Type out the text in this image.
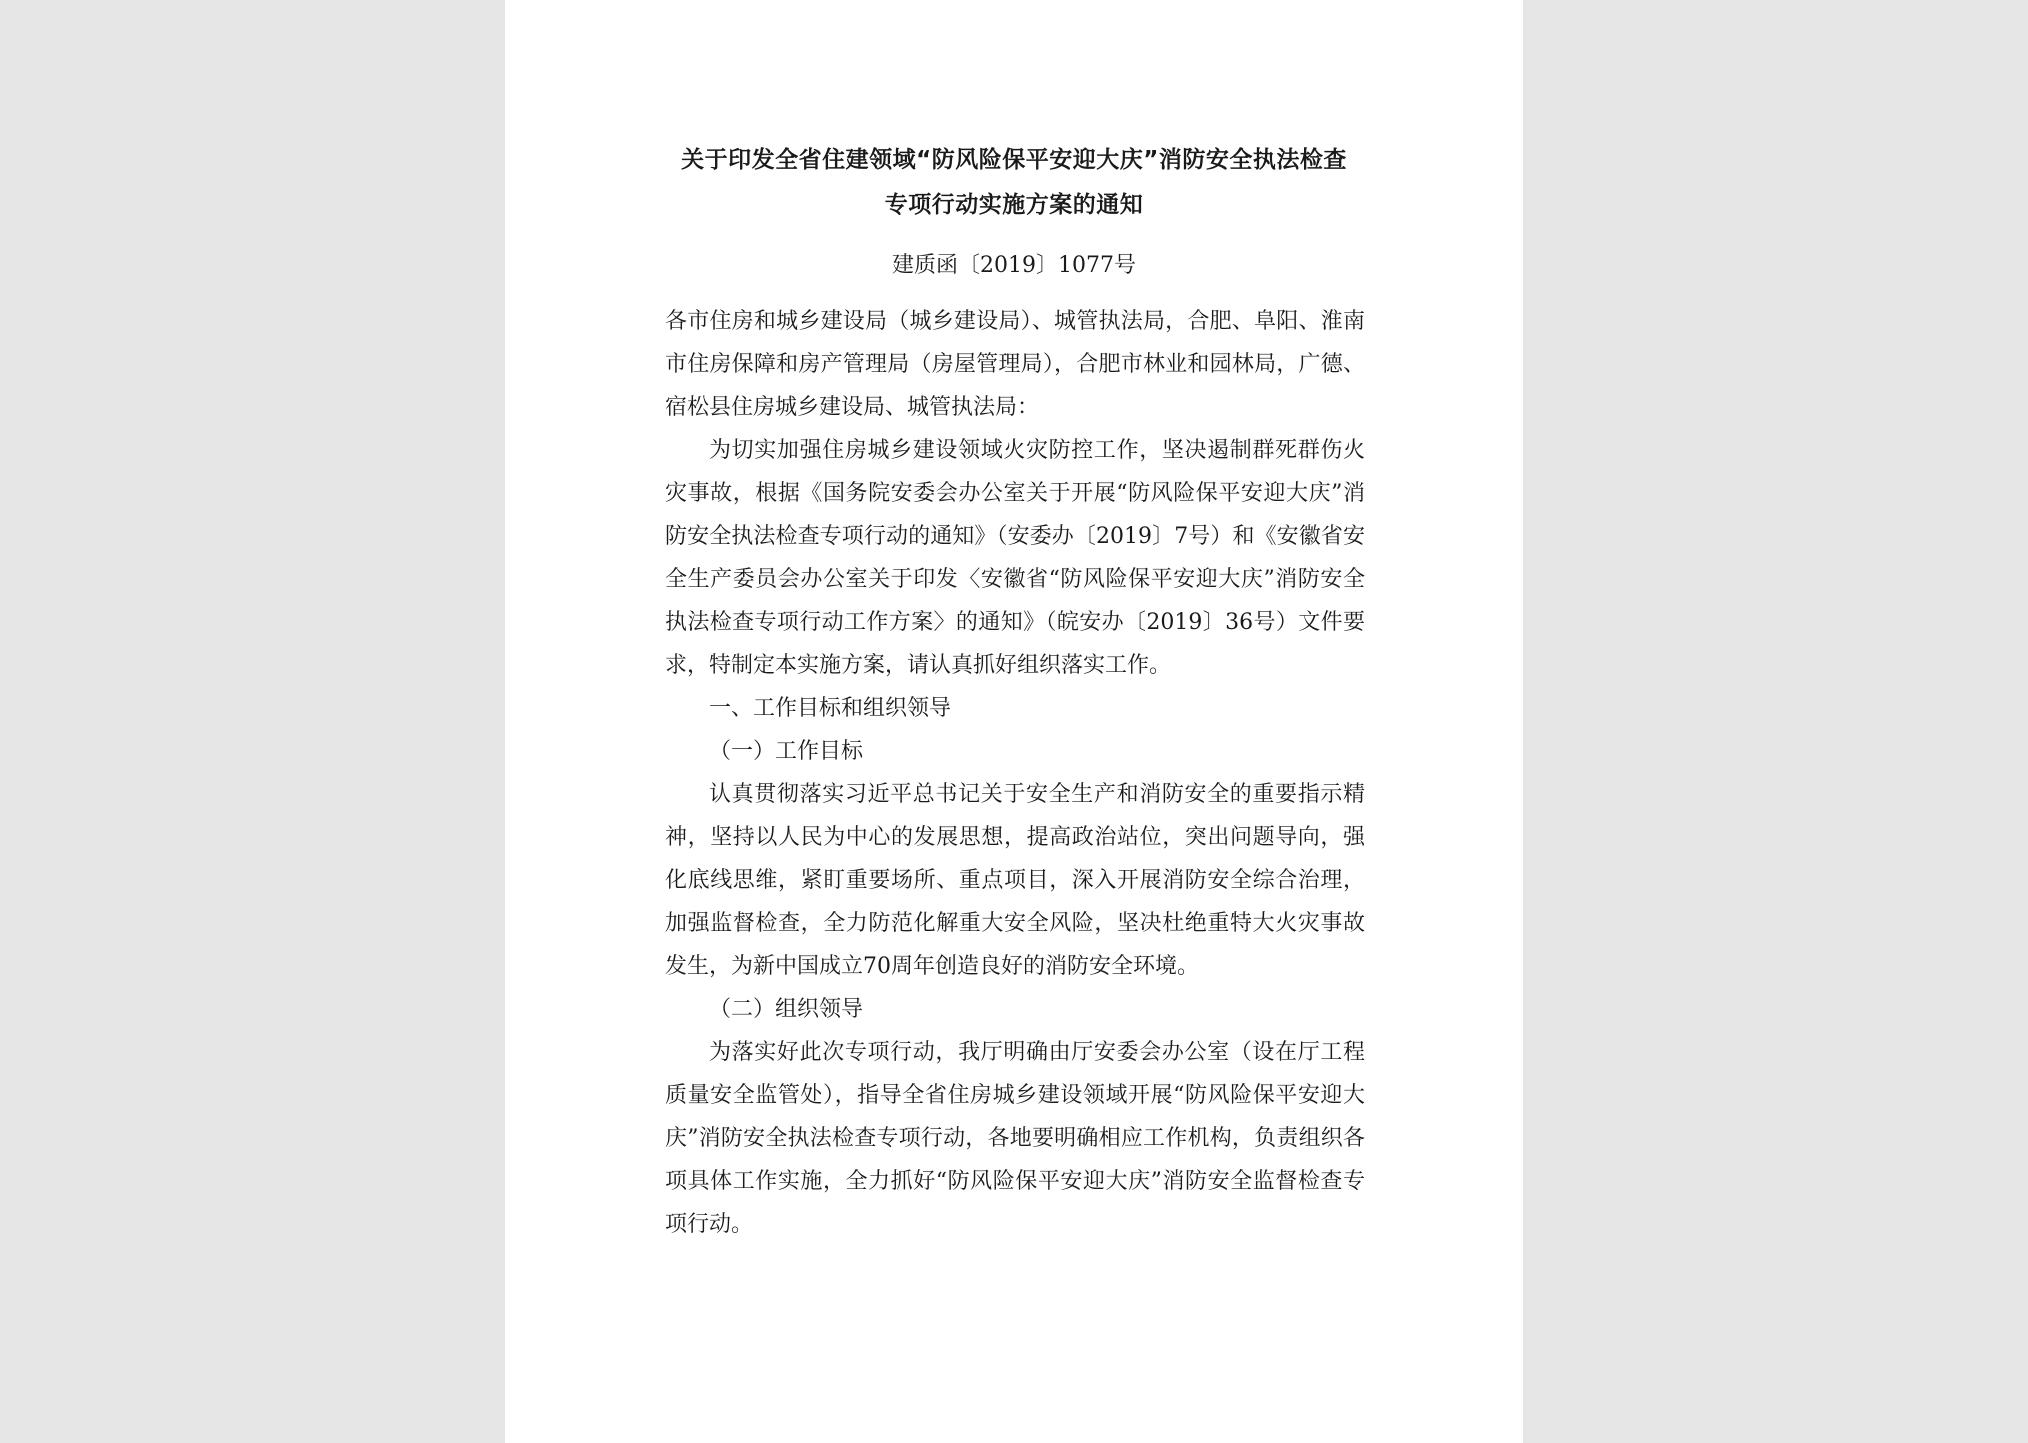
关于印发全省住建领域“防风险保平安迎大庆”消防安全执法检查
专项行动实施方案的通知
建质函〔2019〕1077号

各市住房和城乡建设局（城乡建设局）、城管执法局，合肥、阜阳、淮南市住房保障和房产管理局（房屋管理局），合肥市林业和园林局，广德、宿松县住房城乡建设局、城管执法局：

为切实加强住房城乡建设领域火灾防控工作，坚决遏制群死群伤火灾事故，根据《国务院安委会办公室关于开展“防风险保平安迎大庆”消防安全执法检查专项行动的通知》（安委办〔2019〕7号）和《安徽省安全生产委员会办公室关于印发〈安徽省“防风险保平安迎大庆”消防安全执法检查专项行动工作方案〉的通知》（皖安办〔2019〕36号）文件要求，特制定本实施方案，请认真抓好组织落实工作。

一、工作目标和组织领导

（一）工作目标

认真贯彻落实习近平总书记关于安全生产和消防安全的重要指示精神，坚持以人民为中心的发展思想，提高政治站位，突出问题导向，强化底线思维，紧盯重要场所、重点项目，深入开展消防安全综合治理，加强监督检查，全力防范化解重大安全风险，坚决杜绝重特大火灾事故发生，为新中国成立70周年创造良好的消防安全环境。

（二）组织领导

为落实好此次专项行动，我厅明确由厅安委会办公室（设在厅工程质量安全监管处），指导全省住房城乡建设领域开展“防风险保平安迎大庆”消防安全执法检查专项行动，各地要明确相应工作机构，负责组织各项具体工作实施，全力抓好“防风险保平安迎大庆”消防安全监督检查专项行动。
